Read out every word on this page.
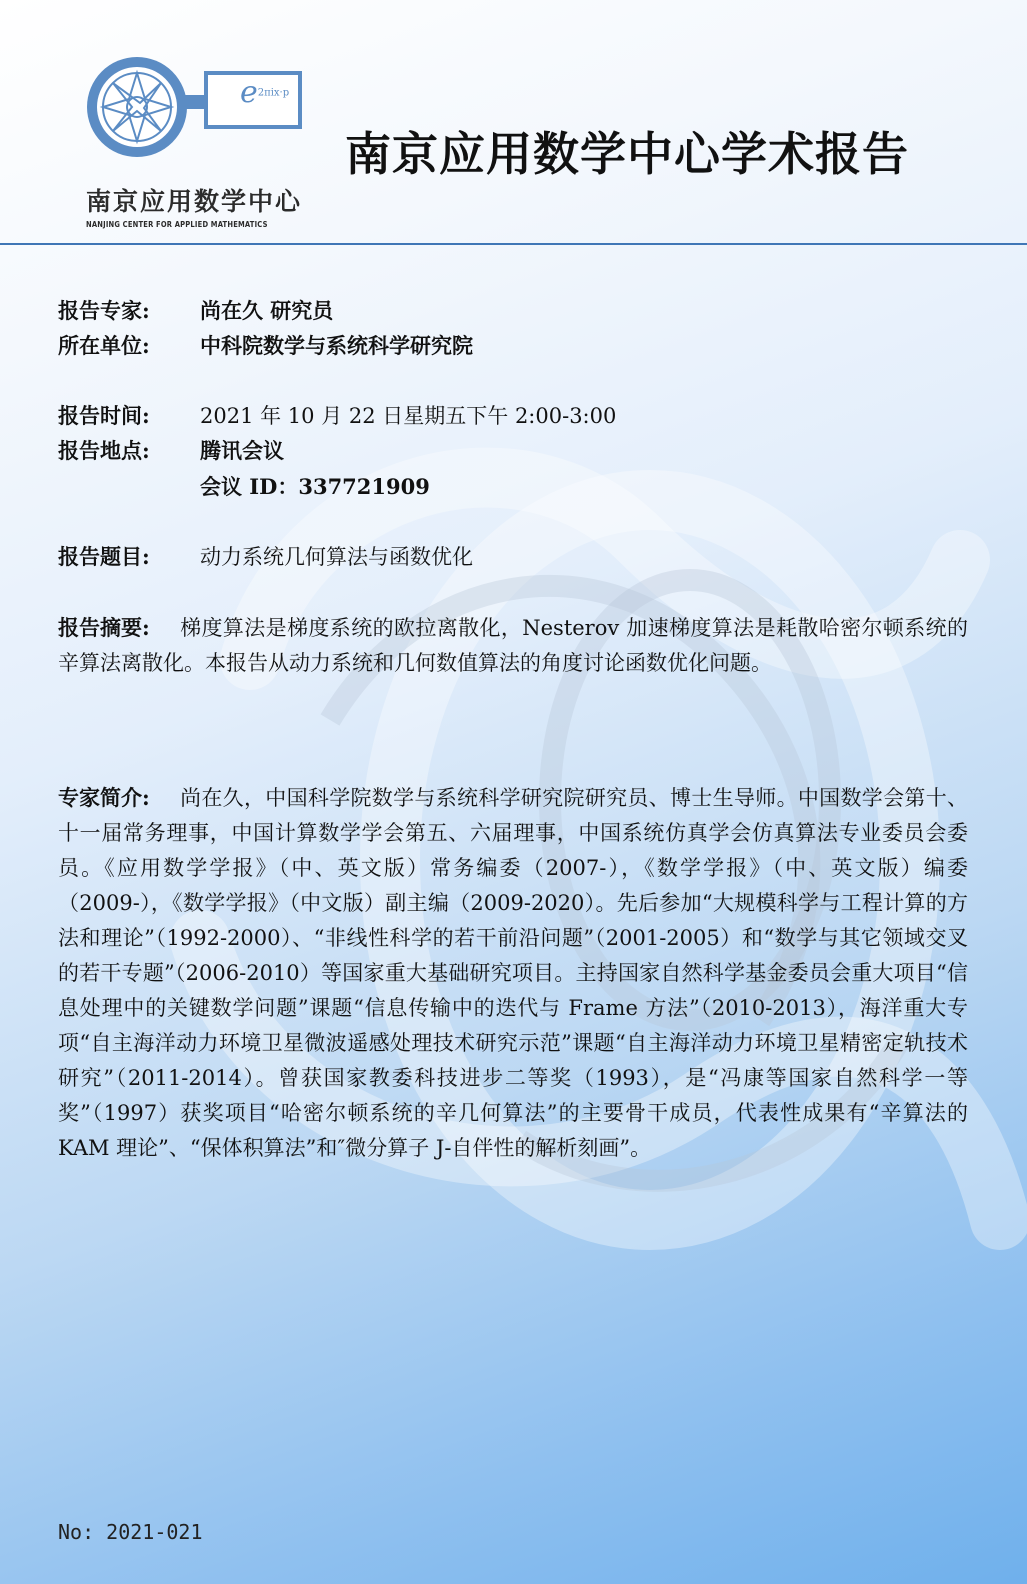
$e^{2\pi ix\cdot p}$
南京应用数学中心
NANJING CENTER FOR APPLIED MATHEMATICS
南京应用数学中心学术报告
报告专家: 尚在久 研究员
所在单位: 中科院数学与系统科学研究院
报告时间: 2021 年 10 月 22 日星期五下午 2:00-3:00
报告地点: 腾讯会议
会议 ID：337721909
报告题目: 动力系统几何算法与函数优化
报告摘要: 梯度算法是梯度系统的欧拉离散化，Nesterov 加速梯度算法是耗散哈密尔顿系统的辛算法离散化。本报告从动力系统和几何数值算法的角度讨论函数优化问题。
专家简介: 尚在久，中国科学院数学与系统科学研究院研究员、博士生导师。中国数学会第十、十一届常务理事，中国计算数学学会第五、六届理事，中国系统仿真学会仿真算法专业委员会委员。《应用数学学报》（中、英文版）常务编委（2007-），《数学学报》（中、英文版）编委（2009-），《数学学报》（中文版）副主编（2009-2020）。先后参加“大规模科学与工程计算的方法和理论”（1992-2000）、“非线性科学的若干前沿问题”（2001-2005）和“数学与其它领域交叉的若干专题”（2006-2010）等国家重大基础研究项目。主持国家自然科学基金委员会重大项目“信息处理中的关键数学问题”课题“信息传输中的迭代与 Frame 方法”（2010-2013），海洋重大专项“自主海洋动力环境卫星微波遥感处理技术研究示范”课题“自主海洋动力环境卫星精密定轨技术研究”（2011-2014）。曾获国家教委科技进步二等奖（1993），是“冯康等国家自然科学一等奖”（1997）获奖项目“哈密尔顿系统的辛几何算法”的主要骨干成员，代表性成果有“辛算法的 KAM 理论”、“保体积算法”和″微分算子 J-自伴性的解析刻画”。
No: 2021-021
